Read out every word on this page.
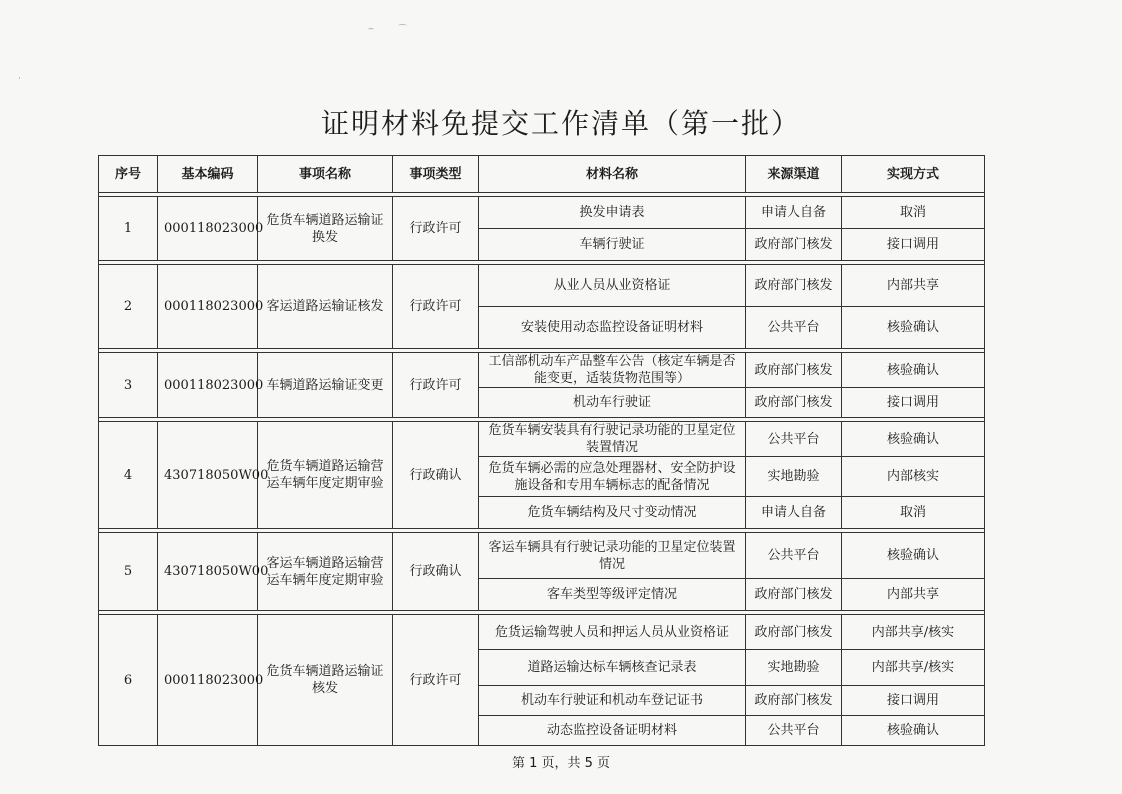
‒	⌒
·
证明材料免提交工作清单（第一批）
序号	基本编码	事项名称	事项类型	材料名称	来源渠道	实现方式

1	000118023000	危货车辆道路运输证换发	行政许可	换发申请表	申请人自备	取消
				车辆行驶证	政府部门核发	接口调用

2	000118023000	客运道路运输证核发	行政许可	从业人员从业资格证	政府部门核发	内部共享
				安装使用动态监控设备证明材料	公共平台	核验确认

3	000118023000	车辆道路运输证变更	行政许可	工信部机动车产品整车公告（核定车辆是否能变更，适装货物范围等）	政府部门核发	核验确认
				机动车行驶证	政府部门核发	接口调用

4	430718050W00	危货车辆道路运输营运车辆年度定期审验	行政确认	危货车辆安装具有行驶记录功能的卫星定位装置情况	公共平台	核验确认
				危货车辆必需的应急处理器材、安全防护设施设备和专用车辆标志的配备情况	实地勘验	内部核实
				危货车辆结构及尺寸变动情况	申请人自备	取消

5	430718050W00	客运车辆道路运输营运车辆年度定期审验	行政确认	客运车辆具有行驶记录功能的卫星定位装置情况	公共平台	核验确认
				客车类型等级评定情况	政府部门核发	内部共享

6	000118023000	危货车辆道路运输证核发	行政许可	危货运输驾驶人员和押运人员从业资格证	政府部门核发	内部共享/核实
				道路运输达标车辆核查记录表	实地勘验	内部共享/核实
				机动车行驶证和机动车登记证书	政府部门核发	接口调用
				动态监控设备证明材料	公共平台	核验确认
第 1 页，共 5 页
